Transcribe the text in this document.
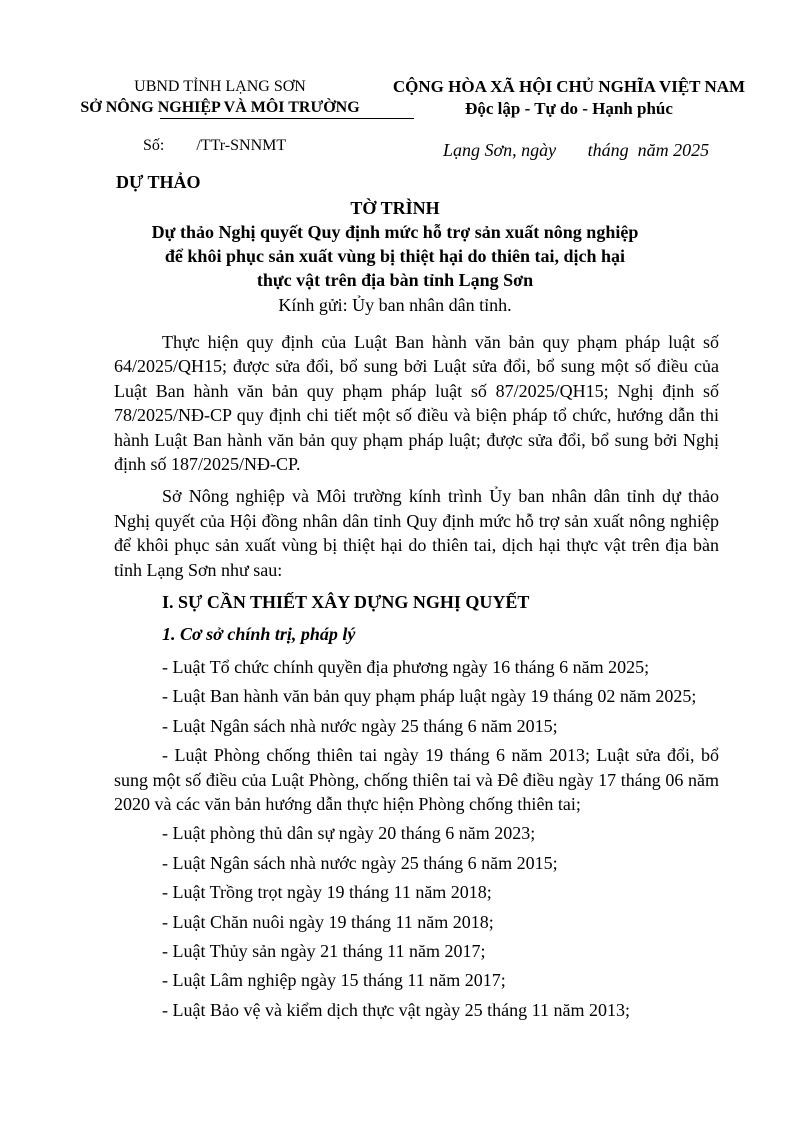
UBND TỈNH LẠNG SƠN
SỞ NÔNG NGHIỆP VÀ MÔI TRƯỜNG
CỘNG HÒA XÃ HỘI CHỦ NGHĨA VIỆT NAM
Độc lập - Tự do - Hạnh phúc
Số:        /TTr-SNNMT	Lạng Sơn, ngày       tháng  năm 2025
DỰ THẢO
TỜ TRÌNH
Dự thảo Nghị quyết Quy định mức hỗ trợ sản xuất nông nghiệp
để khôi phục sản xuất vùng bị thiệt hại do thiên tai, dịch hại
thực vật trên địa bàn tỉnh Lạng Sơn
Kính gửi: Ủy ban nhân dân tỉnh.

Thực hiện quy định của Luật Ban hành văn bản quy phạm pháp luật số 64/2025/QH15; được sửa đổi, bổ sung bởi Luật sửa đổi, bổ sung một số điều của Luật Ban hành văn bản quy phạm pháp luật số 87/2025/QH15; Nghị định số 78/2025/NĐ-CP quy định chi tiết một số điều và biện pháp tổ chức, hướng dẫn thi hành Luật Ban hành văn bản quy phạm pháp luật; được sửa đổi, bổ sung bởi Nghị định số 187/2025/NĐ-CP.

Sở Nông nghiệp và Môi trường kính trình Ủy ban nhân dân tỉnh dự thảo Nghị quyết của Hội đồng nhân dân tỉnh Quy định mức hỗ trợ sản xuất nông nghiệp để khôi phục sản xuất vùng bị thiệt hại do thiên tai, dịch hại thực vật trên địa bàn tỉnh Lạng Sơn như sau:

I. SỰ CẦN THIẾT XÂY DỰNG NGHỊ QUYẾT
1. Cơ sở chính trị, pháp lý
- Luật Tổ chức chính quyền địa phương ngày 16 tháng 6 năm 2025;
- Luật Ban hành văn bản quy phạm pháp luật ngày 19 tháng 02 năm 2025;
- Luật Ngân sách nhà nước ngày 25 tháng 6 năm 2015;
- Luật Phòng chống thiên tai ngày 19 tháng 6 năm 2013; Luật sửa đổi, bổ sung một số điều của Luật Phòng, chống thiên tai và Đê điều ngày 17 tháng 06 năm 2020 và các văn bản hướng dẫn thực hiện Phòng chống thiên tai;
- Luật phòng thủ dân sự ngày 20 tháng 6 năm 2023;
- Luật Ngân sách nhà nước ngày 25 tháng 6 năm 2015;
- Luật Trồng trọt ngày 19 tháng 11 năm 2018;
- Luật Chăn nuôi ngày 19 tháng 11 năm 2018;
- Luật Thủy sản ngày 21 tháng 11 năm 2017;
- Luật Lâm nghiệp ngày 15 tháng 11 năm 2017;
- Luật Bảo vệ và kiểm dịch thực vật ngày 25 tháng 11 năm 2013;
